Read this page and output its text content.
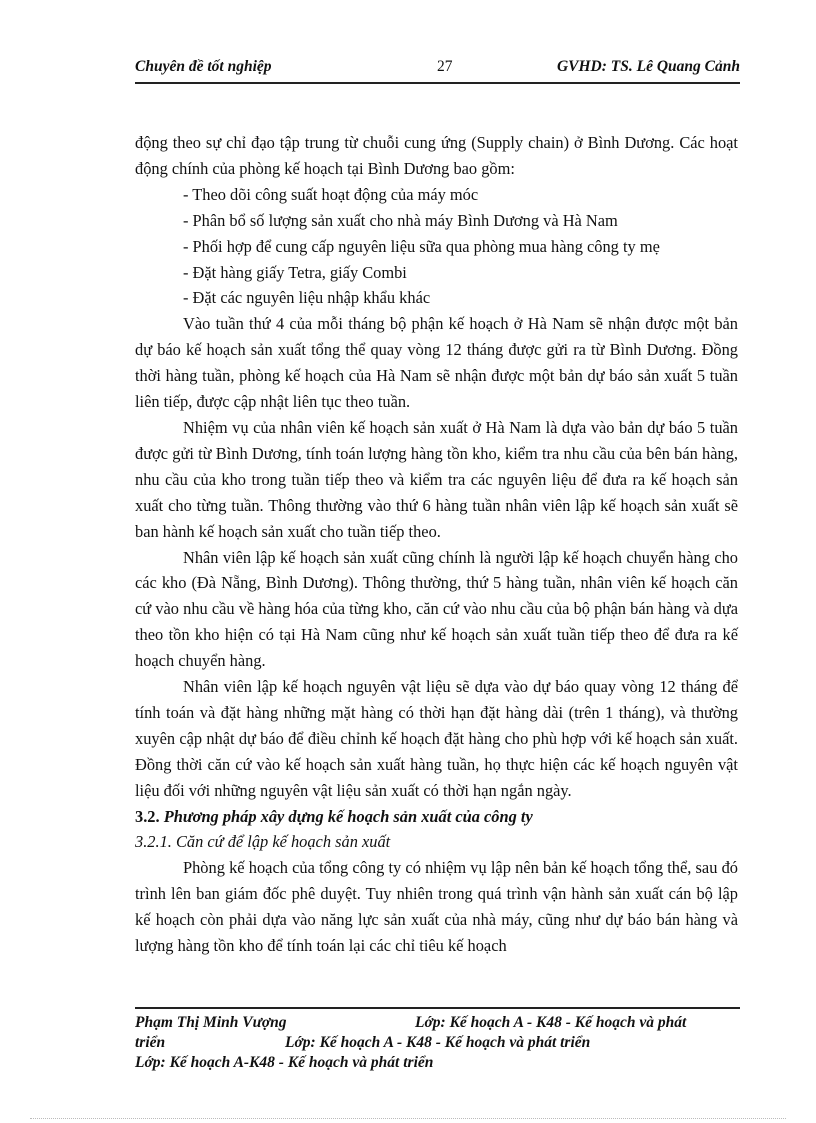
Chuyên đề tốt nghiệp	27	GVHD: TS. Lê Quang Cảnh

động theo sự chỉ đạo tập trung từ chuỗi cung ứng (Supply chain) ở Bình Dương. Các hoạt động chính của phòng kế hoạch tại Bình Dương bao gồm:

- Theo dõi công suất hoạt động của máy móc

- Phân bổ số lượng sản xuất cho nhà máy Bình Dương và Hà Nam

- Phối hợp để cung cấp nguyên liệu sữa qua phòng mua hàng công ty mẹ

- Đặt hàng giấy Tetra, giấy Combi

- Đặt các nguyên liệu nhập khẩu khác

Vào tuần thứ 4 của mỗi tháng bộ phận kế hoạch ở Hà Nam sẽ nhận được một bản dự báo kế hoạch sản xuất tổng thể quay vòng 12 tháng được gửi ra từ Bình Dương. Đồng thời hàng tuần, phòng kế hoạch của Hà Nam sẽ nhận được một bản dự báo sản xuất 5 tuần liên tiếp, được cập nhật liên tục theo tuần.

Nhiệm vụ của nhân viên kế hoạch sản xuất ở Hà Nam là dựa vào bản dự báo 5 tuần được gửi từ Bình Dương, tính toán lượng hàng tồn kho, kiểm tra nhu cầu của bên bán hàng, nhu cầu của kho trong tuần tiếp theo và kiểm tra các nguyên liệu để đưa ra kế hoạch sản xuất cho từng tuần. Thông thường vào thứ 6 hàng tuần nhân viên lập kế hoạch sản xuất sẽ ban hành kế hoạch sản xuất cho tuần tiếp theo.

Nhân viên lập kế hoạch sản xuất cũng chính là người lập kế hoạch chuyển hàng cho các kho (Đà Nẵng, Bình Dương). Thông thường, thứ 5 hàng tuần, nhân viên kế hoạch căn cứ vào nhu cầu về hàng hóa của từng kho, căn cứ vào nhu cầu của bộ phận bán hàng và dựa theo tồn kho hiện có tại Hà Nam cũng như kế hoạch sản xuất tuần tiếp theo để đưa ra kế hoạch chuyển hàng.

Nhân viên lập kế hoạch nguyên vật liệu sẽ dựa vào dự báo quay vòng 12 tháng để tính toán và đặt hàng những mặt hàng có thời hạn đặt hàng dài (trên 1 tháng), và thường xuyên cập nhật dự báo để điều chỉnh kế hoạch đặt hàng cho phù hợp với kế hoạch sản xuất. Đồng thời căn cứ vào kế hoạch sản xuất hàng tuần, họ thực hiện các kế hoạch nguyên vật liệu đối với những nguyên vật liệu sản xuất có thời hạn ngắn ngày.

3.2. Phương pháp xây dựng kế hoạch sản xuất của công ty

3.2.1. Căn cứ để lập kế hoạch sản xuất

Phòng kế hoạch của tổng công ty có nhiệm vụ lập nên bản kế hoạch tổng thể, sau đó trình lên ban giám đốc phê duyệt. Tuy nhiên trong quá trình vận hành sản xuất cán bộ lập kế hoạch còn phải dựa vào năng lực sản xuất của nhà máy, cũng như dự báo bán hàng và lượng hàng tồn kho để tính toán lại các chỉ tiêu kế hoạch

Phạm Thị Minh Vượng	Lớp: Kế hoạch A - K48 - Kế hoạch và phát
triển	Lớp: Kế hoạch A - K48 - Kế hoạch và phát triển
Lớp: Kế hoạch A-K48 - Kế hoạch và phát triển
